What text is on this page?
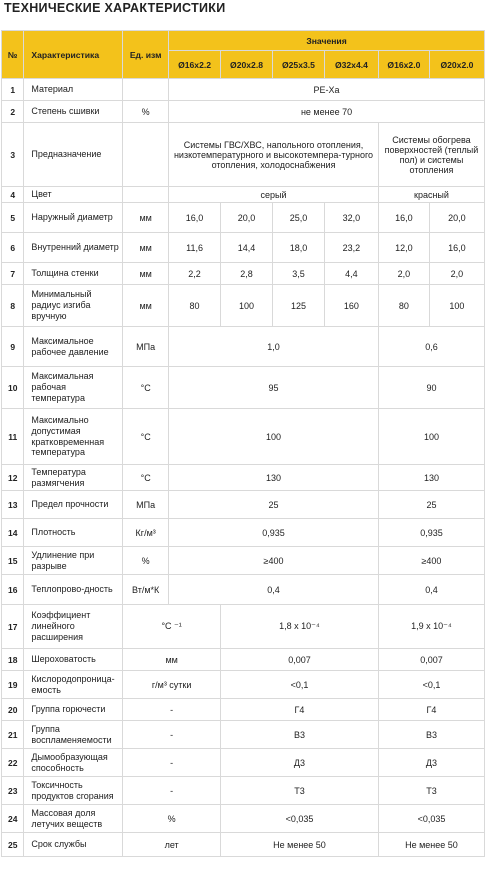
ТЕХНИЧЕСКИЕ ХАРАКТЕРИСТИКИ
№	Характеристика	Ед. изм	Значения					
			Ø16x2.2	Ø20x2.8	Ø25x3.5	Ø32x4.4	Ø16x2.0	Ø20x2.0
1	Материал		PE-Xa					
2	Степень сшивки	%	не менее 70					
3	Предназначение		Системы ГВС/ХВС, напольного отопления, низкотемпературного и высокотемпера-турного отопления, холодоснабжения				Системы обогрева поверхностей (теплый пол) и системы отопления	
4	Цвет		серый				красный	
5	Наружный диаметр	мм	16,0	20,0	25,0	32,0	16,0	20,0
6	Внутренний диаметр	мм	11,6	14,4	18,0	23,2	12,0	16,0
7	Толщина стенки	мм	2,2	2,8	3,5	4,4	2,0	2,0
8	Минимальный радиус изгиба вручную	мм	80	100	125	160	80	100
9	Максимальное рабочее давление	МПа	1,0				0,6	
10	Максимальная рабочая температура	°С	95				90	
11	Максимально допустимая кратковременная температура	°С	100				100	
12	Температура размягчения	°С	130				130	
13	Предел прочности	МПа	25				25	
14	Плотность	Кг/м³	0,935				0,935	
15	Удлинение при разрыве	%	≥400				≥400	
16	Теплопрово-дность	Вт/м*К	0,4				0,4	
17	Коэффициент линейного расширения	°С ⁻¹		1,8 х 10⁻⁴			1,9 х 10⁻⁴	
18	Шероховатость	мм		0,007			0,007	
19	Кислородопроница-емость	г/м³ сутки		<0,1			<0,1	
20	Группа горючести	-		Г4			Г4	
21	Группа воспламеняемости	-		В3			В3	
22	Дымообразующая способность	-		Д3			Д3	
23	Токсичность продуктов сгорания	-		Т3			Т3	
24	Массовая доля летучих веществ	%		<0,035			<0,035	
25	Срок службы	лет		Не менее 50			Не менее 50	
